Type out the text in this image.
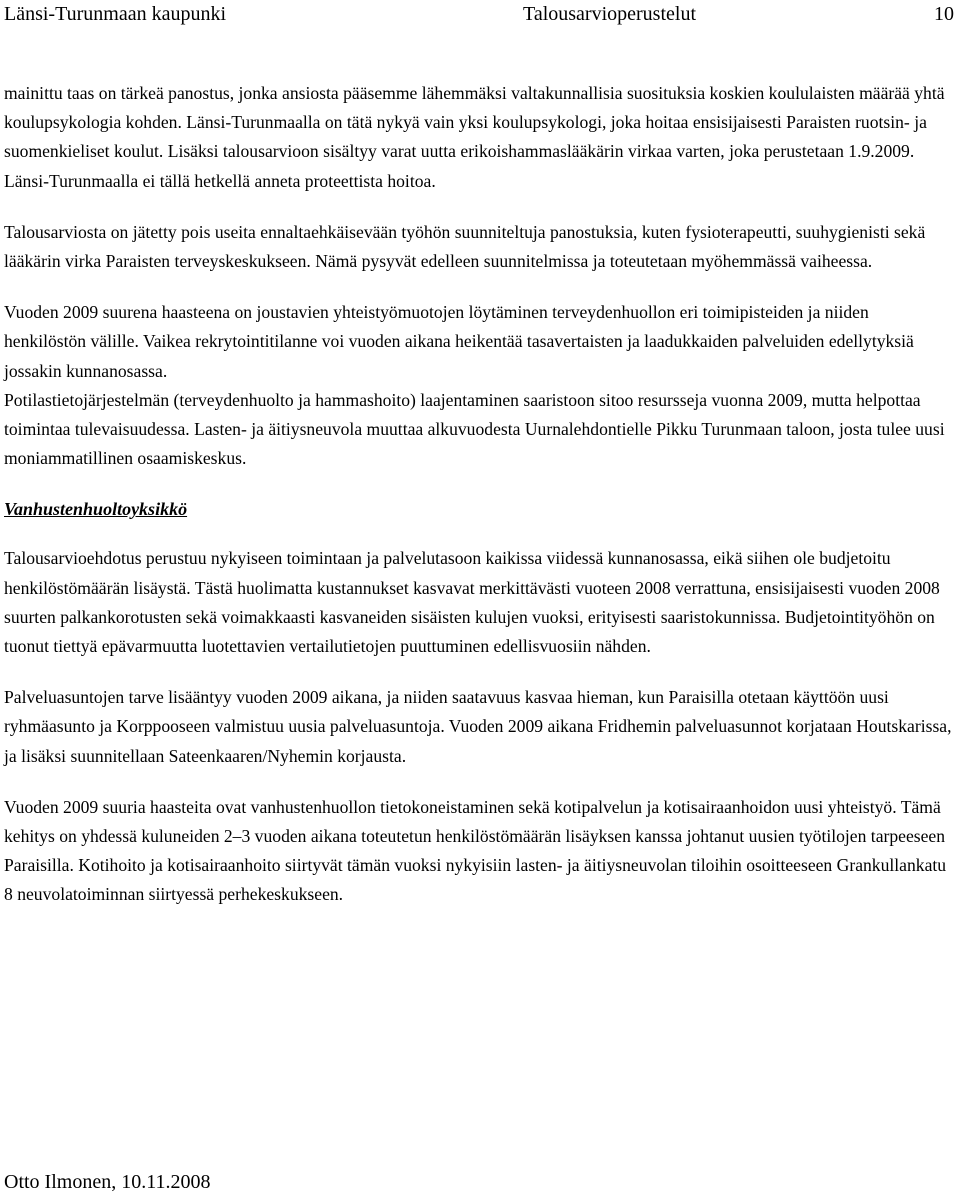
Länsi-Turunmaan kaupunki	Talousarvioperustelut	10

mainittu taas on tärkeä panostus, jonka ansiosta pääsemme lähemmäksi valtakunnallisia suosituksia koskien koululaisten määrää yhtä koulupsykologia kohden. Länsi-Turunmaalla on tätä nykyä vain yksi koulupsykologi, joka hoitaa ensisijaisesti Paraisten ruotsin- ja suomenkieliset koulut. Lisäksi talousarvioon sisältyy varat uutta erikoishammaslääkärin virkaa varten, joka perustetaan 1.9.2009. Länsi-Turunmaalla ei tällä hetkellä anneta proteettista hoitoa.

Talousarviosta on jätetty pois useita ennaltaehkäisevään työhön suunniteltuja panostuksia, kuten fysioterapeutti, suuhygienisti sekä lääkärin virka Paraisten terveyskeskukseen. Nämä pysyvät edelleen suunnitelmissa ja toteutetaan myöhemmässä vaiheessa.

Vuoden 2009 suurena haasteena on joustavien yhteistyömuotojen löytäminen terveydenhuollon eri toimipisteiden ja niiden henkilöstön välille. Vaikea rekrytointitilanne voi vuoden aikana heikentää tasavertaisten ja laadukkaiden palveluiden edellytyksiä jossakin kunnanosassa.

Potilastietojärjestelmän (terveydenhuolto ja hammashoito) laajentaminen saaristoon sitoo resursseja vuonna 2009, mutta helpottaa toimintaa tulevaisuudessa. Lasten- ja äitiysneuvola muuttaa alkuvuodesta Uurnalehdontielle Pikku Turunmaan taloon, josta tulee uusi moniammatillinen osaamiskeskus.

Vanhustenhuoltoyksikkö

Talousarvioehdotus perustuu nykyiseen toimintaan ja palvelutasoon kaikissa viidessä kunnanosassa, eikä siihen ole budjetoitu henkilöstömäärän lisäystä. Tästä huolimatta kustannukset kasvavat merkittävästi vuoteen 2008 verrattuna, ensisijaisesti vuoden 2008 suurten palkankorotusten sekä voimakkaasti kasvaneiden sisäisten kulujen vuoksi, erityisesti saaristokunnissa. Budjetointityöhön on tuonut tiettyä epävarmuutta luotettavien vertailutietojen puuttuminen edellisvuosiin nähden.

Palveluasuntojen tarve lisääntyy vuoden 2009 aikana, ja niiden saatavuus kasvaa hieman, kun Paraisilla otetaan käyttöön uusi ryhmäasunto ja Korppooseen valmistuu uusia palveluasuntoja. Vuoden 2009 aikana Fridhemin palveluasunnot korjataan Houtskarissa, ja lisäksi suunnitellaan Sateenkaaren/Nyhemin korjausta.

Vuoden 2009 suuria haasteita ovat vanhustenhuollon tietokoneistaminen sekä kotipalvelun ja kotisairaanhoidon uusi yhteistyö. Tämä kehitys on yhdessä kuluneiden 2–3 vuoden aikana toteutetun henkilöstömäärän lisäyksen kanssa johtanut uusien työtilojen tarpeeseen Paraisilla. Kotihoito ja kotisairaanhoito siirtyvät tämän vuoksi nykyisiin lasten- ja äitiysneuvolan tiloihin osoitteeseen Grankullankatu 8 neuvolatoiminnan siirtyessä perhekeskukseen.

Otto Ilmonen, 10.11.2008
